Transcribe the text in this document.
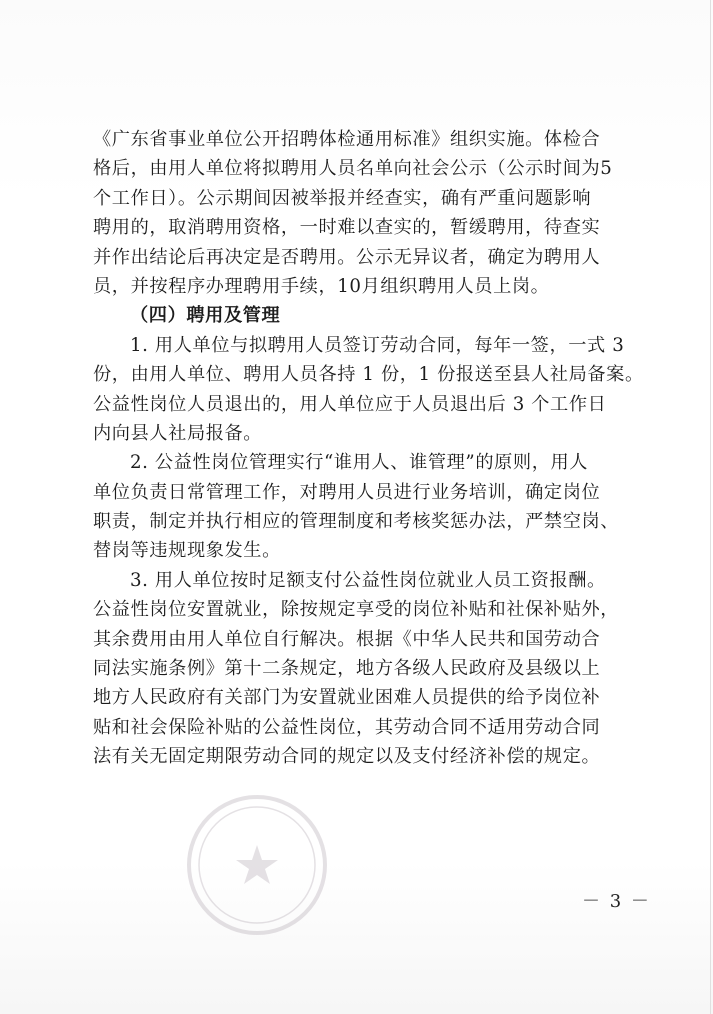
《广东省事业单位公开招聘体检通用标准》组织实施。体检合
格后，由用人单位将拟聘用人员名单向社会公示（公示时间为5
个工作日）。公示期间因被举报并经查实，确有严重问题影响
聘用的，取消聘用资格，一时难以查实的，暂缓聘用，待查实
并作出结论后再决定是否聘用。公示无异议者，确定为聘用人
员，并按程序办理聘用手续，10月组织聘用人员上岗。
（四）聘用及管理
1. 用人单位与拟聘用人员签订劳动合同，每年一签，一式 3
份，由用人单位、聘用人员各持 1 份，1 份报送至县人社局备案。
公益性岗位人员退出的，用人单位应于人员退出后 3 个工作日
内向县人社局报备。
2. 公益性岗位管理实行“谁用人、谁管理”的原则，用人
单位负责日常管理工作，对聘用人员进行业务培训，确定岗位
职责，制定并执行相应的管理制度和考核奖惩办法，严禁空岗、
替岗等违规现象发生。
3. 用人单位按时足额支付公益性岗位就业人员工资报酬。
公益性岗位安置就业，除按规定享受的岗位补贴和社保补贴外，
其余费用由用人单位自行解决。根据《中华人民共和国劳动合
同法实施条例》第十二条规定，地方各级人民政府及县级以上
地方人民政府有关部门为安置就业困难人员提供的给予岗位补
贴和社会保险补贴的公益性岗位，其劳动合同不适用劳动合同
法有关无固定期限劳动合同的规定以及支付经济补偿的规定。
－ 3 －
